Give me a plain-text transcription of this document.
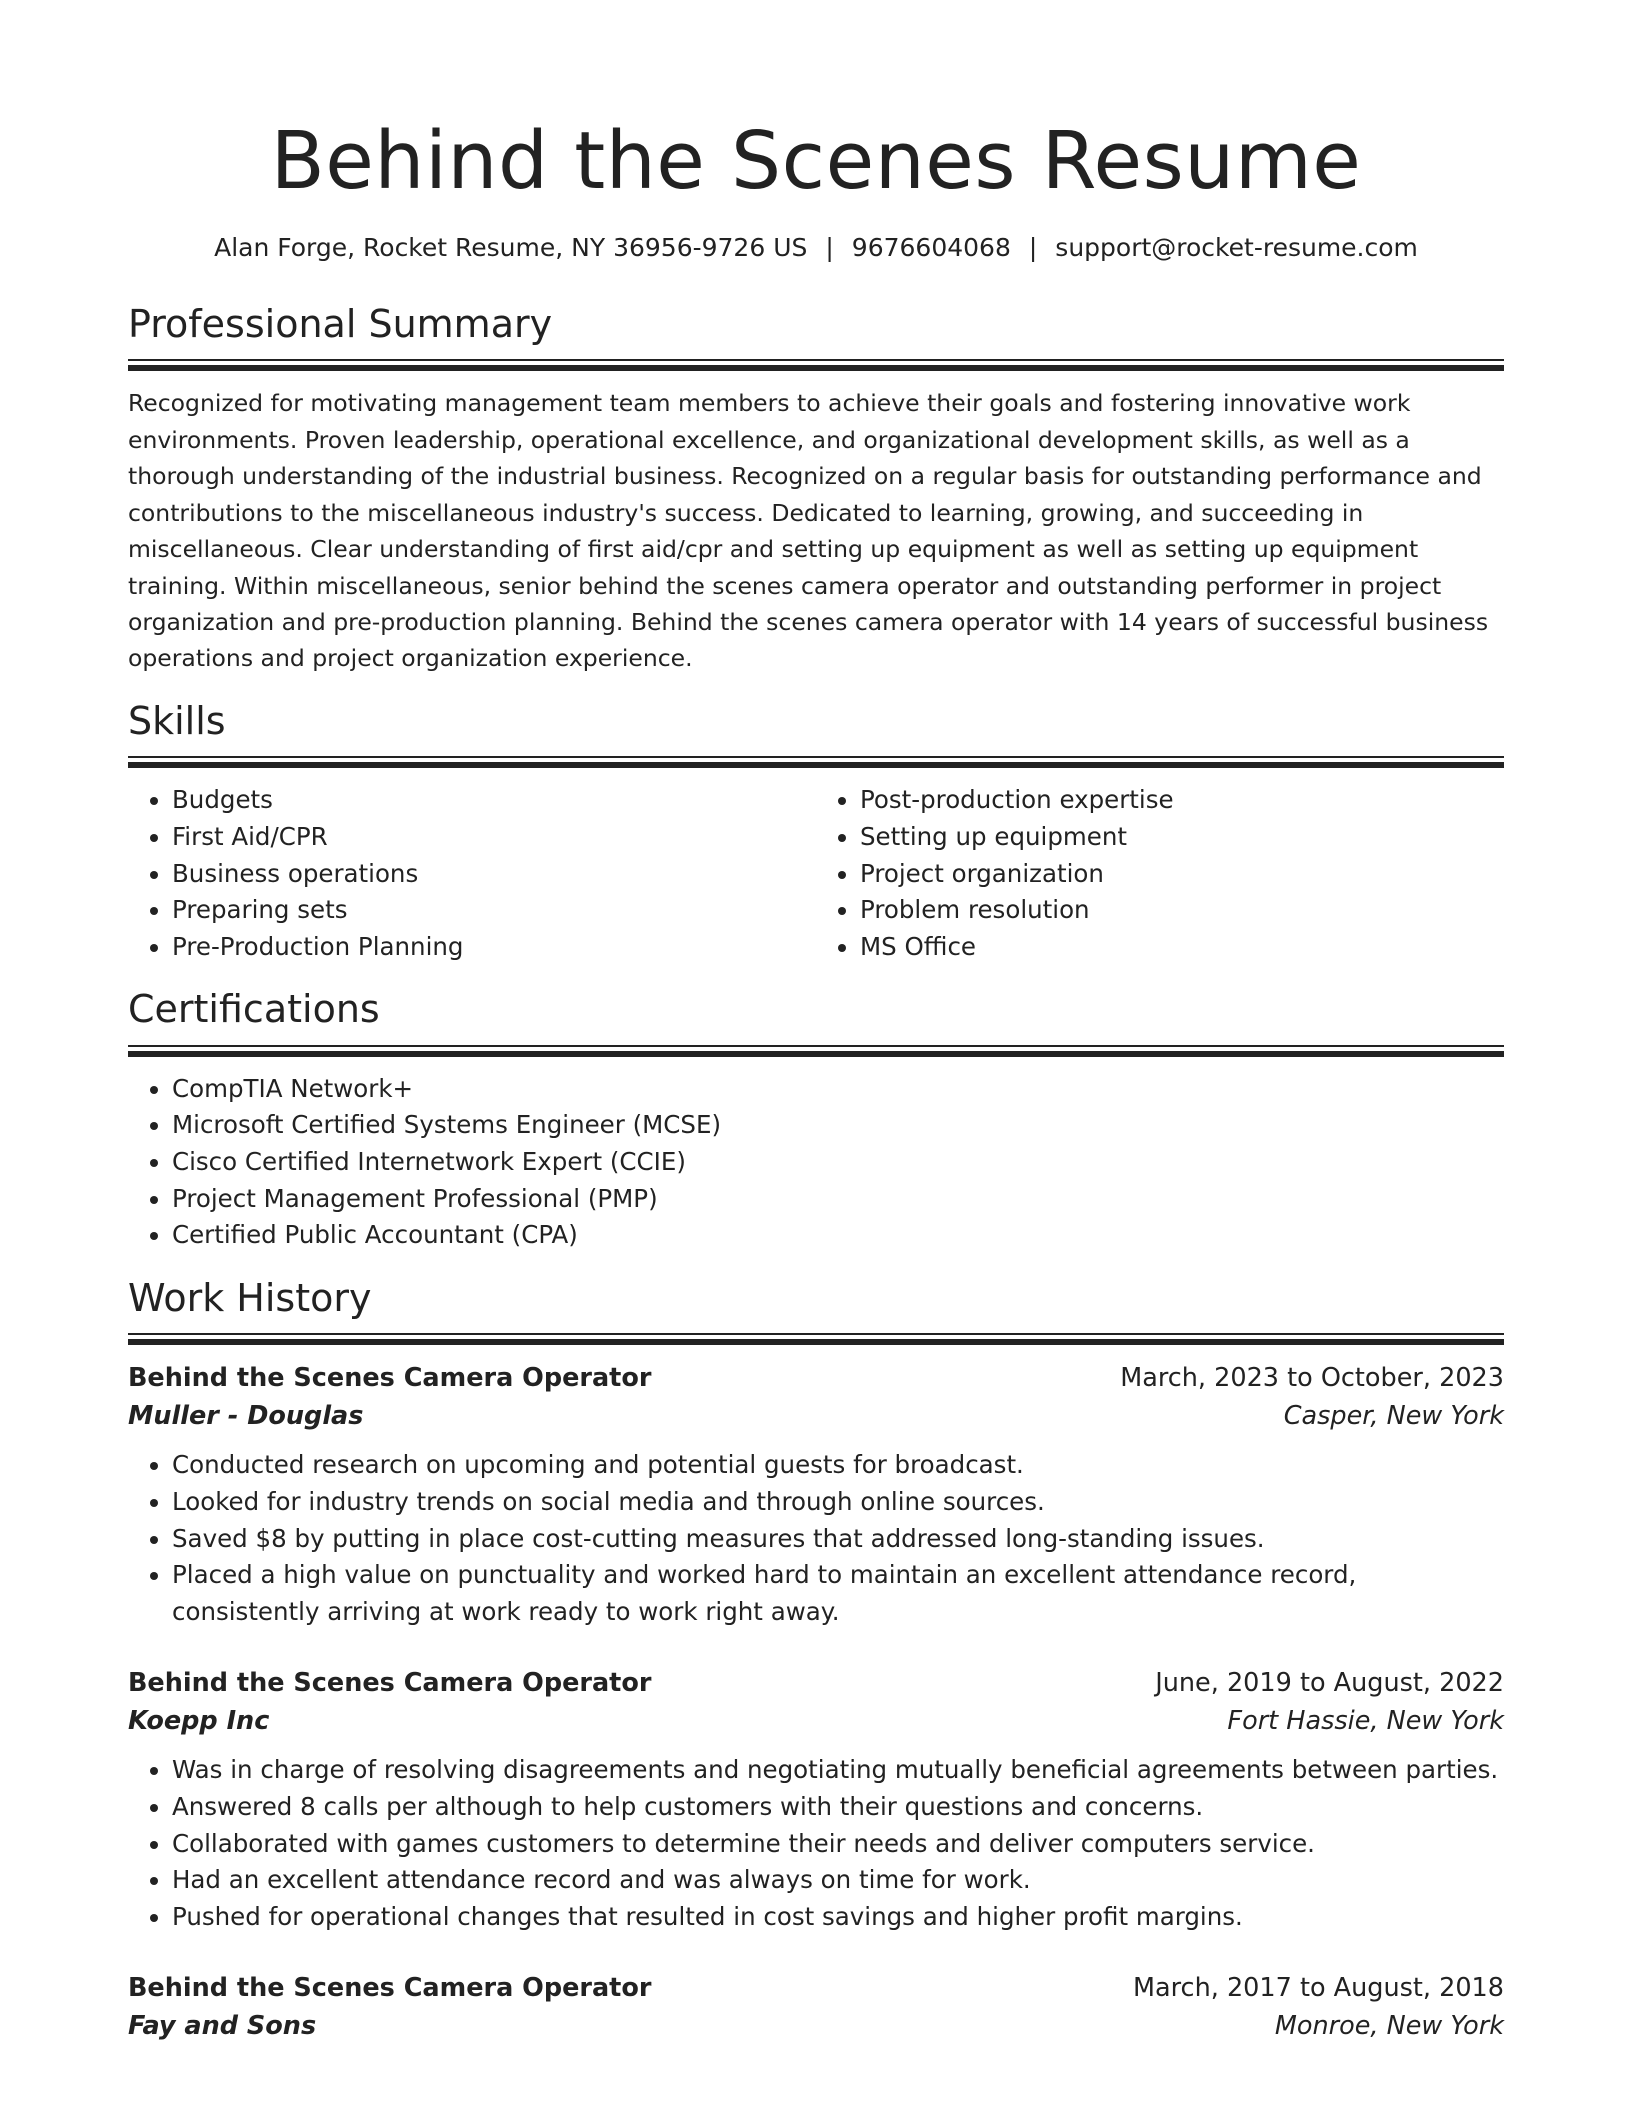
Behind the Scenes Resume
Alan Forge, Rocket Resume, NY 36956-9726 US | 9676604068 | support@rocket-resume.com
Professional Summary

Recognized for motivating management team members to achieve their goals and fostering innovative work environments. Proven leadership, operational excellence, and organizational development skills, as well as a thorough understanding of the industrial business. Recognized on a regular basis for outstanding performance and contributions to the miscellaneous industry's success. Dedicated to learning, growing, and succeeding in miscellaneous. Clear understanding of first aid/cpr and setting up equipment as well as setting up equipment training. Within miscellaneous, senior behind the scenes camera operator and outstanding performer in project organization and pre-production planning. Behind the scenes camera operator with 14 years of successful business operations and project organization experience.

Skills
• Budgets
• First Aid/CPR
• Business operations
• Preparing sets
• Pre-Production Planning
• Post-production expertise
• Setting up equipment
• Project organization
• Problem resolution
• MS Office
Certifications
• CompTIA Network+
• Microsoft Certified Systems Engineer (MCSE)
• Cisco Certified Internetwork Expert (CCIE)
• Project Management Professional (PMP)
• Certified Public Accountant (CPA)
Work History
Behind the Scenes Camera Operator	March, 2023 to October, 2023
Muller - Douglas	Casper, New York
• Conducted research on upcoming and potential guests for broadcast.
• Looked for industry trends on social media and through online sources.
• Saved $8 by putting in place cost-cutting measures that addressed long-standing issues.
• Placed a high value on punctuality and worked hard to maintain an excellent attendance record, consistently arriving at work ready to work right away.
Behind the Scenes Camera Operator	June, 2019 to August, 2022
Koepp Inc	Fort Hassie, New York
• Was in charge of resolving disagreements and negotiating mutually beneficial agreements between parties.
• Answered 8 calls per although to help customers with their questions and concerns.
• Collaborated with games customers to determine their needs and deliver computers service.
• Had an excellent attendance record and was always on time for work.
• Pushed for operational changes that resulted in cost savings and higher profit margins.
Behind the Scenes Camera Operator	March, 2017 to August, 2018
Fay and Sons	Monroe, New York
